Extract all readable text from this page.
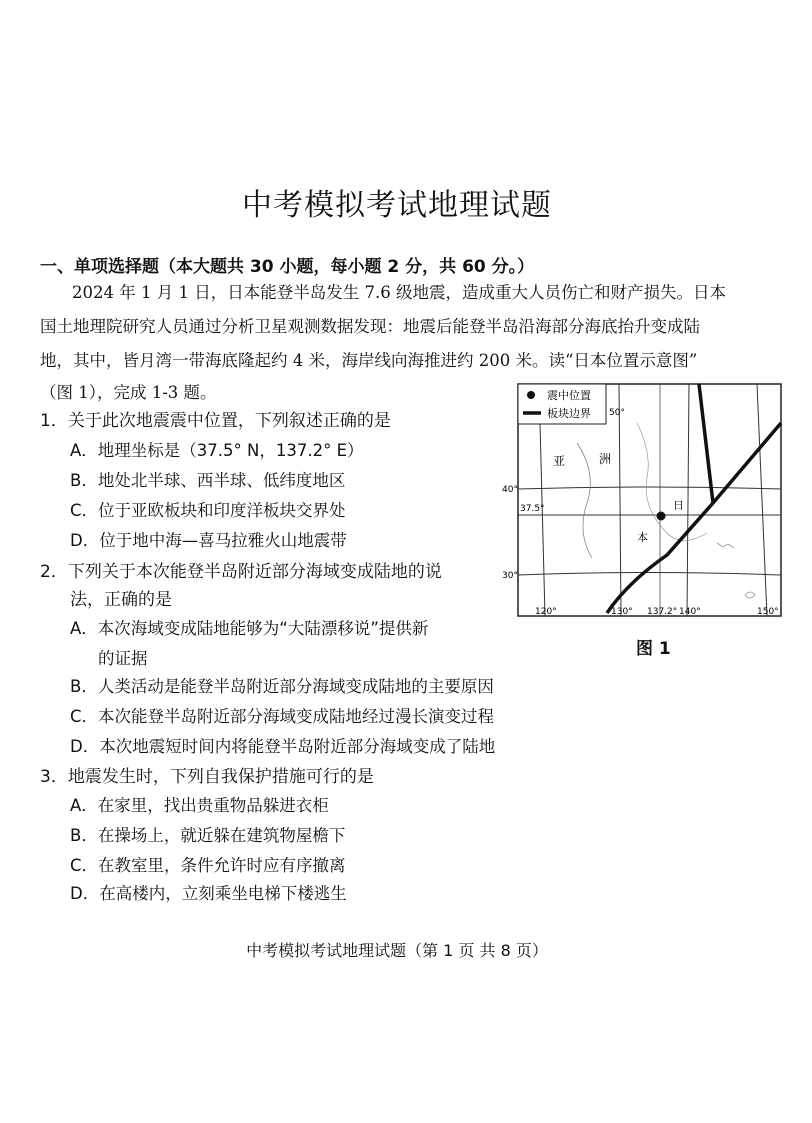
中考模拟考试地理试题
一、单项选择题（本大题共 30 小题，每小题 2 分，共 60 分。）
2024 年 1 月 1 日，日本能登半岛发生 7.6 级地震，造成重大人员伤亡和财产损失。日本
国土地理院研究人员通过分析卫星观测数据发现：地震后能登半岛沿海部分海底抬升变成陆
地，其中，皆月湾一带海底隆起约 4 米，海岸线向海推进约 200 米。读“日本位置示意图”
（图 1），完成 1-3 题。
1．关于此次地震震中位置，下列叙述正确的是
A．地理坐标是（37.5° N，137.2° E）
B．地处北半球、西半球、低纬度地区
C．位于亚欧板块和印度洋板块交界处
D．位于地中海—喜马拉雅火山地震带
2．下列关于本次能登半岛附近部分海域变成陆地的说
法，正确的是
A．本次海域变成陆地能够为“大陆漂移说”提供新
的证据
B．人类活动是能登半岛附近部分海域变成陆地的主要原因
C．本次能登半岛附近部分海域变成陆地经过漫长演变过程
D．本次地震短时间内将能登半岛附近部分海域变成了陆地
3．地震发生时，下列自我保护措施可行的是
A．在家里，找出贵重物品躲进衣柜
B．在操场上，就近躲在建筑物屋檐下
C．在教室里，条件允许时应有序撤离
D．在高楼内，立刻乘坐电梯下楼逃生
震中位置
板块边界
亚	洲
日
本
50°
40°
37.5°
30°
120°	130° 137.2° 140°	150°
图 1
中考模拟考试地理试题（第 1 页 共 8 页）
